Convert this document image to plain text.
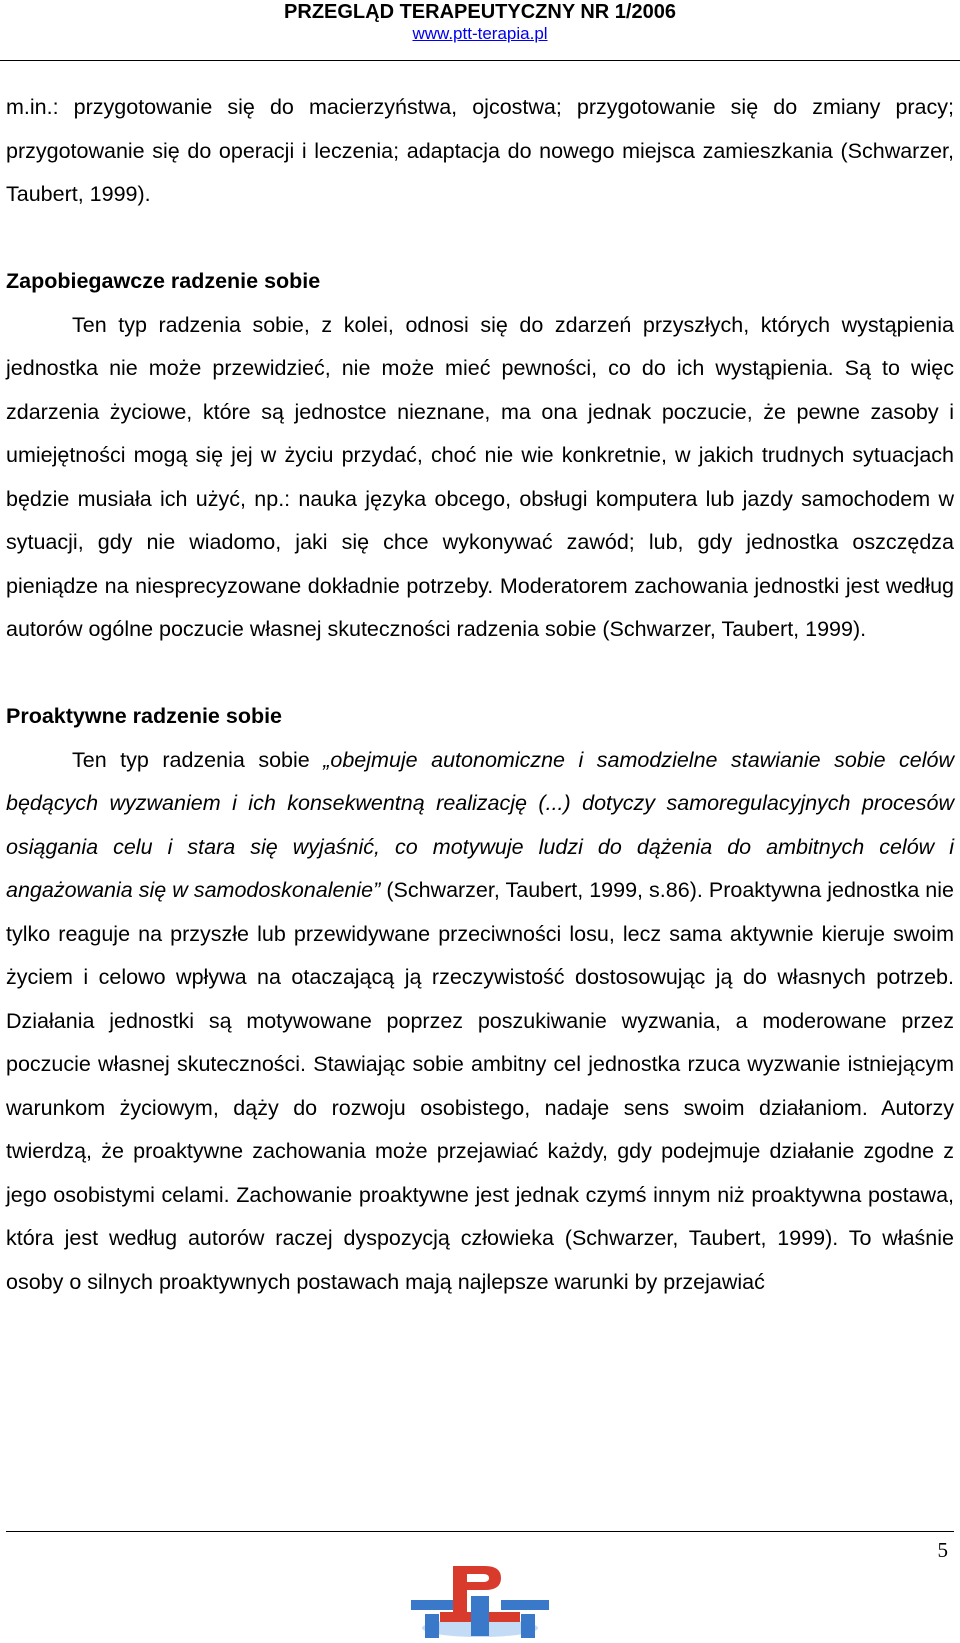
PRZEGLĄD TERAPEUTYCZNY NR 1/2006
www.ptt-terapia.pl

m.in.: przygotowanie się do macierzyństwa, ojcostwa; przygotowanie się do zmiany pracy; przygotowanie się do operacji i leczenia; adaptacja do nowego miejsca zamieszkania (Schwarzer, Taubert, 1999).

Zapobiegawcze radzenie sobie

Ten typ radzenia sobie, z kolei, odnosi się do zdarzeń przyszłych, których wystąpienia jednostka nie może przewidzieć, nie może mieć pewności, co do ich wystąpienia. Są to więc zdarzenia życiowe, które są jednostce nieznane, ma ona jednak poczucie, że pewne zasoby i umiejętności mogą się jej w życiu przydać, choć nie wie konkretnie, w jakich trudnych sytuacjach będzie musiała ich użyć, np.: nauka języka obcego, obsługi komputera lub jazdy samochodem w sytuacji, gdy nie wiadomo, jaki się chce wykonywać zawód; lub, gdy jednostka oszczędza pieniądze na niesprecyzowane dokładnie potrzeby. Moderatorem zachowania jednostki jest według autorów ogólne poczucie własnej skuteczności radzenia sobie (Schwarzer, Taubert, 1999).

Proaktywne radzenie sobie

Ten typ radzenia sobie „obejmuje autonomiczne i samodzielne stawianie sobie celów będących wyzwaniem i ich konsekwentną realizację (...) dotyczy samoregulacyjnych procesów osiągania celu i stara się wyjaśnić, co motywuje ludzi do dążenia do ambitnych celów i angażowania się w samodoskonalenie” (Schwarzer, Taubert, 1999, s.86). Proaktywna jednostka nie tylko reaguje na przyszłe lub przewidywane przeciwności losu, lecz sama aktywnie kieruje swoim życiem i celowo wpływa na otaczającą ją rzeczywistość dostosowując ją do własnych potrzeb. Działania jednostki są motywowane poprzez poszukiwanie wyzwania, a moderowane przez poczucie własnej skuteczności. Stawiając sobie ambitny cel jednostka rzuca wyzwanie istniejącym warunkom życiowym, dąży do rozwoju osobistego, nadaje sens swoim działaniom. Autorzy twierdzą, że proaktywne zachowania może przejawiać każdy, gdy podejmuje działanie zgodne z jego osobistymi celami. Zachowanie proaktywne jest jednak czymś innym niż proaktywna postawa, która jest według autorów raczej dyspozycją człowieka (Schwarzer, Taubert, 1999). To właśnie osoby o silnych proaktywnych postawach mają najlepsze warunki by przejawiać

5
